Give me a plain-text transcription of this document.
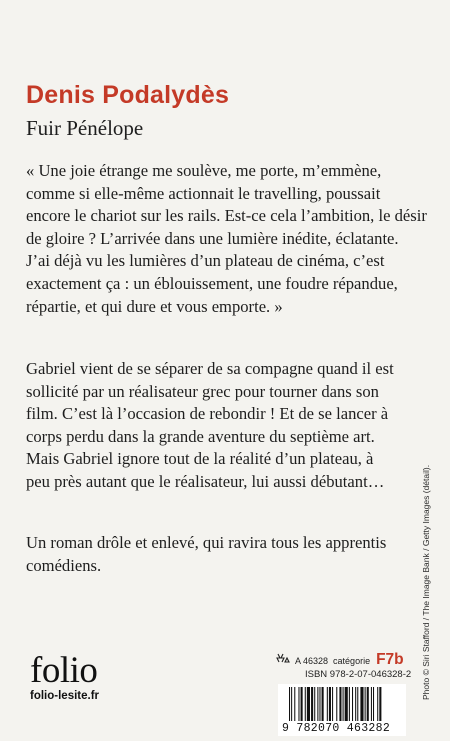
Denis Podalydès
Fuir Pénélope

« Une joie étrange me soulève, me porte, m’emmène,
comme si elle-même actionnait le travelling, poussait
encore le chariot sur les rails. Est-ce cela l’ambition, le désir
de gloire ? L’arrivée dans une lumière inédite, éclatante.
J’ai déjà vu les lumières d’un plateau de cinéma, c’est
exactement ça : un éblouissement, une foudre répandue,
répartie, et qui dure et vous emporte. »

Gabriel vient de se séparer de sa compagne quand il est
sollicité par un réalisateur grec pour tourner dans son
film. C’est là l’occasion de rebondir ! Et de se lancer à
corps perdu dans la grande aventure du septième art.
Mais Gabriel ignore tout de la réalité d’un plateau, à
peu près autant que le réalisateur, lui aussi débutant…

Un roman drôle et enlevé, qui ravira tous les apprentis
comédiens.	Photo © Siri Stafford / The Image Bank / Getty Images (détail).
folio
folio-lesite.fr
A 46328 catégorie F7b
ISBN 978-2-07-046328-2
9 782070 463282
